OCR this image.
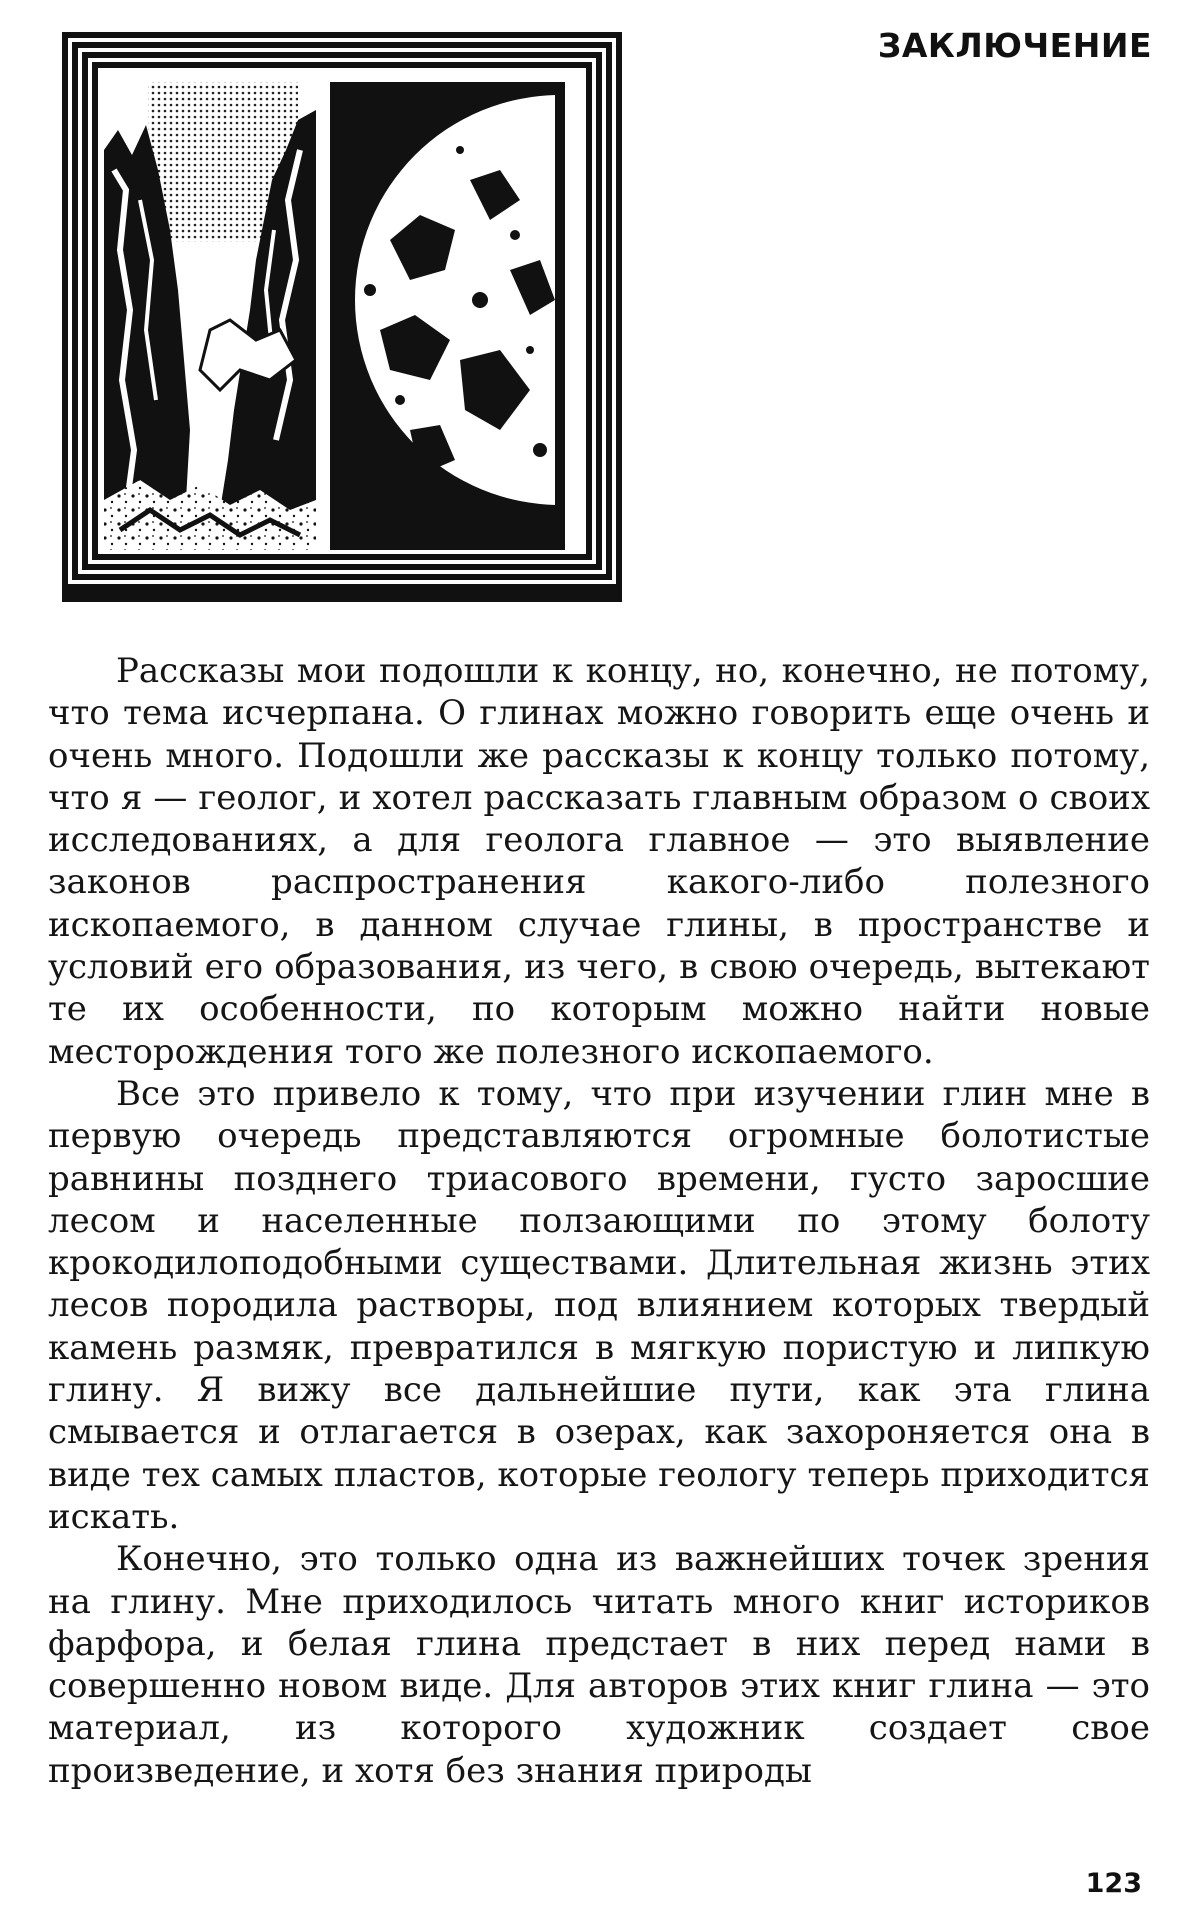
ЗАКЛЮЧЕНИЕ

Рассказы мои подошли к концу, но, конечно, не потому, что тема исчерпана. О глинах можно говорить еще очень и очень много. Подошли же рассказы к концу только потому, что я — геолог, и хотел рассказать главным образом о своих исследованиях, а для геолога главное — это выявление законов распространения какого-либо полезного ископаемого, в данном случае глины, в пространстве и условий его образования, из чего, в свою очередь, вытекают те их особенности, по которым можно найти новые месторождения того же полезного ископаемого.

Все это привело к тому, что при изучении глин мне в первую очередь представляются огромные болотистые равнины позднего триасового времени, густо заросшие лесом и населенные ползающими по этому болоту крокодилоподобными существами. Длительная жизнь этих лесов породила растворы, под влиянием которых твердый камень размяк, превратился в мягкую пористую и липкую глину. Я вижу все дальнейшие пути, как эта глина смывается и отлагается в озерах, как захороняется она в виде тех самых пластов, которые геологу теперь приходится искать.

Конечно, это только одна из важнейших точек зрения на глину. Мне приходилось читать много книг историков фарфора, и белая глина предстает в них перед нами в совершенно новом виде. Для авторов этих книг глина — это материал, из которого художник создает свое произведение, и хотя без знания природы

123
